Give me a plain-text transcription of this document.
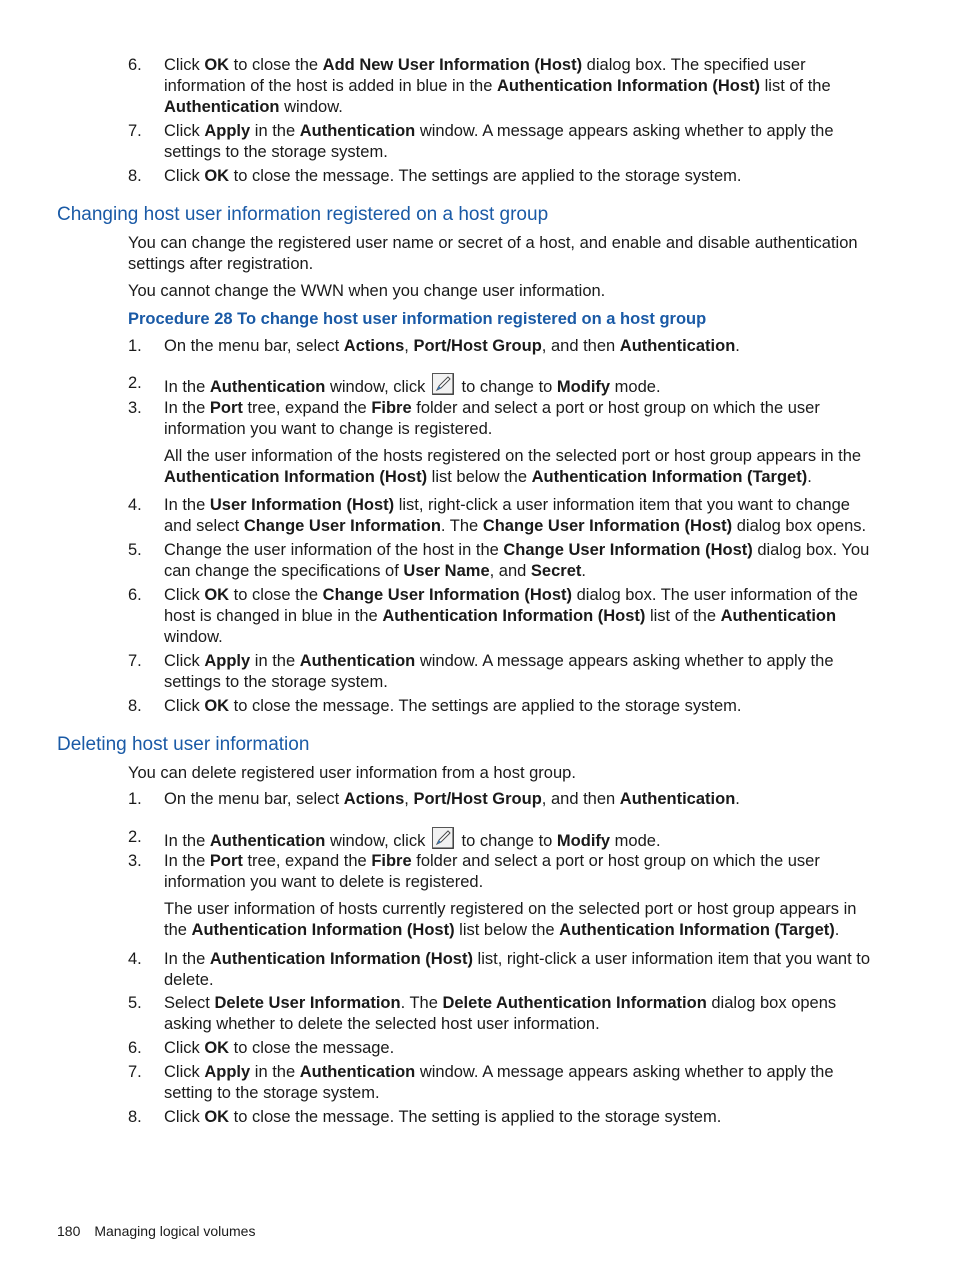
6. Click OK to close the Add New User Information (Host) dialog box. The specified user information of the host is added in blue in the Authentication Information (Host) list of the Authentication window.
7. Click Apply in the Authentication window. A message appears asking whether to apply the settings to the storage system.
8. Click OK to close the message. The settings are applied to the storage system.
Changing host user information registered on a host group
You can change the registered user name or secret of a host, and enable and disable authentication settings after registration.
You cannot change the WWN when you change user information.
Procedure 28 To change host user information registered on a host group
1. On the menu bar, select Actions, Port/Host Group, and then Authentication.
2. In the Authentication window, click  to change to Modify mode.
3. In the Port tree, expand the Fibre folder and select a port or host group on which the user information you want to change is registered.
All the user information of the hosts registered on the selected port or host group appears in the Authentication Information (Host) list below the Authentication Information (Target).
4. In the User Information (Host) list, right-click a user information item that you want to change and select Change User Information. The Change User Information (Host) dialog box opens.
5. Change the user information of the host in the Change User Information (Host) dialog box. You can change the specifications of User Name, and Secret.
6. Click OK to close the Change User Information (Host) dialog box. The user information of the host is changed in blue in the Authentication Information (Host) list of the Authentication window.
7. Click Apply in the Authentication window. A message appears asking whether to apply the settings to the storage system.
8. Click OK to close the message. The settings are applied to the storage system.
Deleting host user information
You can delete registered user information from a host group.
1. On the menu bar, select Actions, Port/Host Group, and then Authentication.
2. In the Authentication window, click  to change to Modify mode.
3. In the Port tree, expand the Fibre folder and select a port or host group on which the user information you want to delete is registered.
The user information of hosts currently registered on the selected port or host group appears in the Authentication Information (Host) list below the Authentication Information (Target).
4. In the Authentication Information (Host) list, right-click a user information item that you want to delete.
5. Select Delete User Information. The Delete Authentication Information dialog box opens asking whether to delete the selected host user information.
6. Click OK to close the message.
7. Click Apply in the Authentication window. A message appears asking whether to apply the setting to the storage system.
8. Click OK to close the message. The setting is applied to the storage system.
180 Managing logical volumes
